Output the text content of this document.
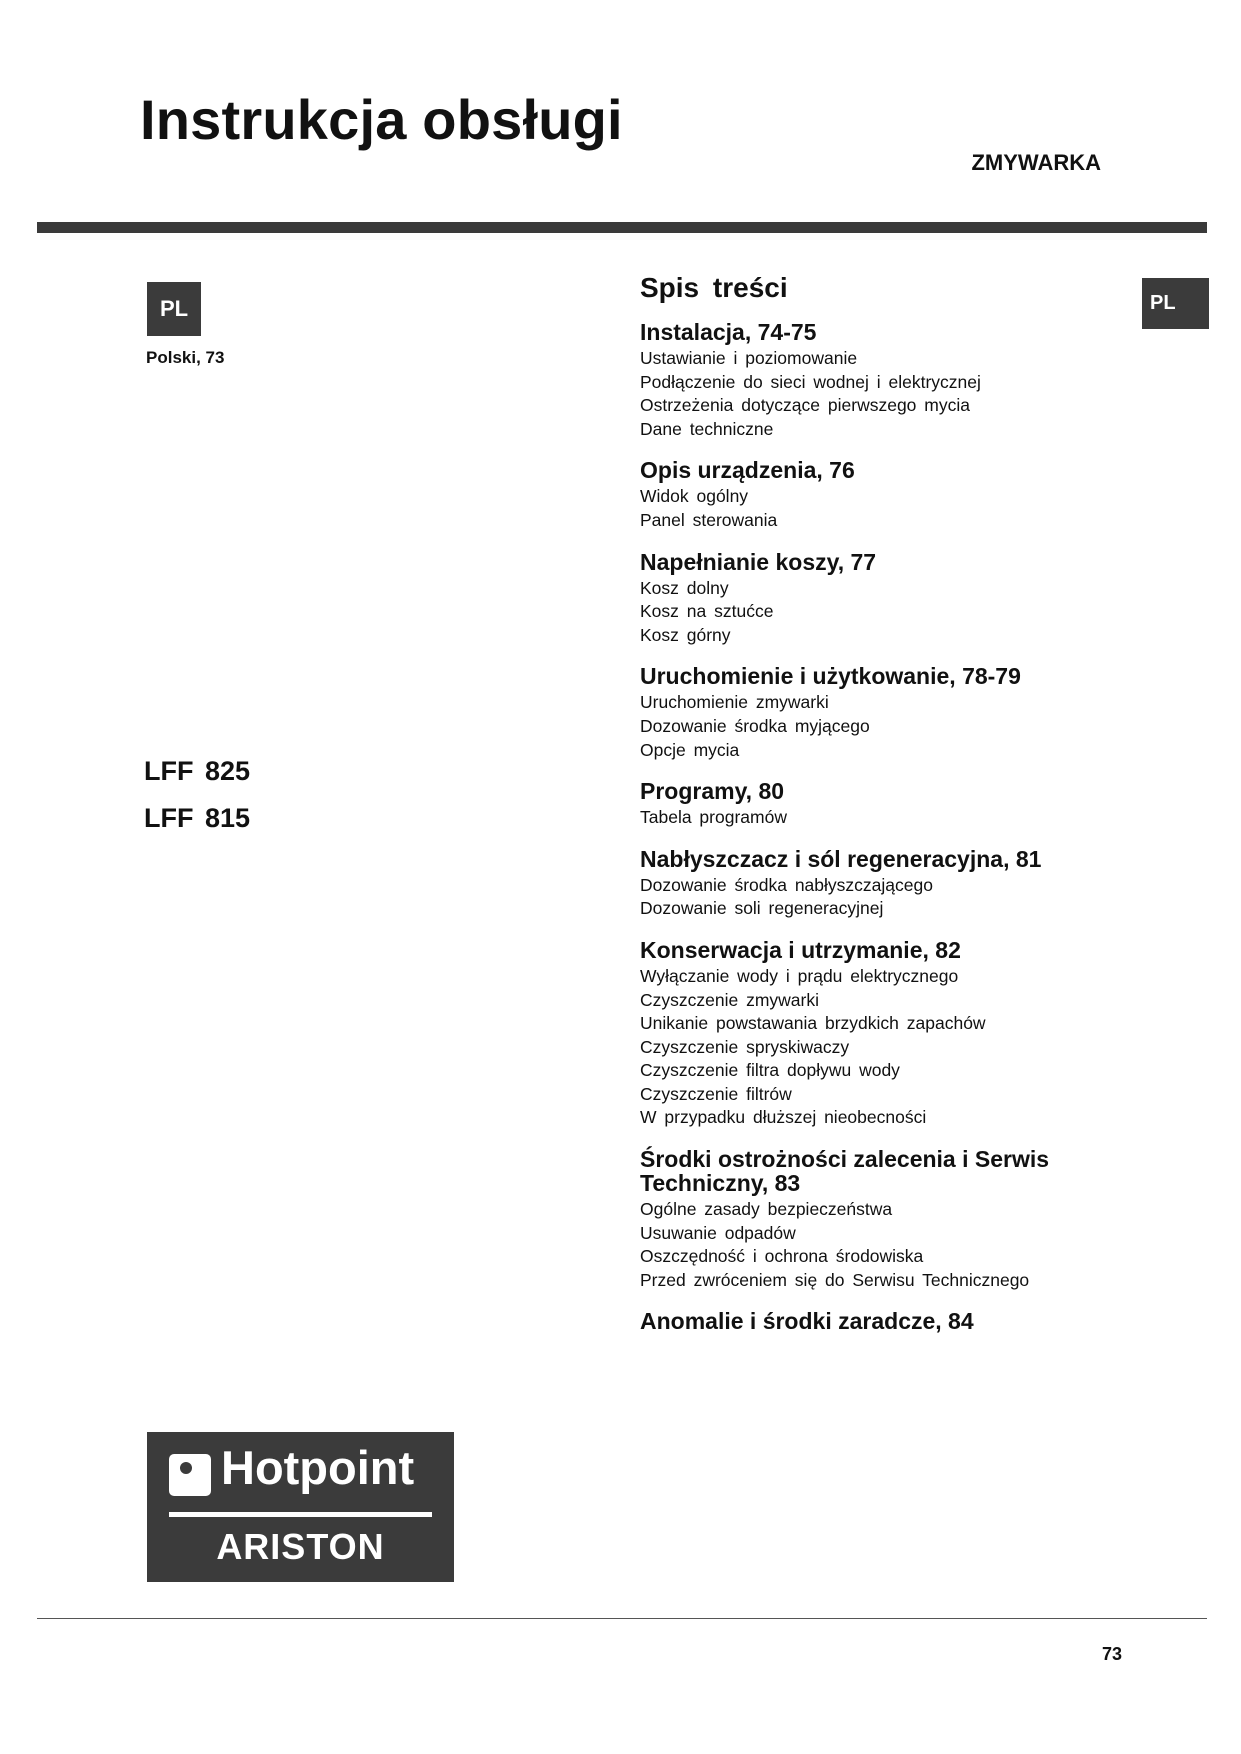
Instrukcja obsługi
ZMYWARKA
PL
Polski, 73
PL
LFF 825
LFF 815
Spis treści
Instalacja, 74-75
Ustawianie i poziomowanie
Podłączenie do sieci wodnej i elektrycznej
Ostrzeżenia dotyczące pierwszego mycia
Dane techniczne
Opis urządzenia, 76
Widok ogólny
Panel sterowania
Napełnianie koszy, 77
Kosz dolny
Kosz na sztućce
Kosz górny
Uruchomienie i użytkowanie, 78-79
Uruchomienie zmywarki
Dozowanie środka myjącego
Opcje mycia
Programy, 80
Tabela programów
Nabłyszczacz i sól regeneracyjna, 81
Dozowanie środka nabłyszczającego
Dozowanie soli regeneracyjnej
Konserwacja i utrzymanie, 82
Wyłączanie wody i prądu elektrycznego
Czyszczenie zmywarki
Unikanie powstawania brzydkich zapachów
Czyszczenie spryskiwaczy
Czyszczenie filtra dopływu wody
Czyszczenie filtrów
W przypadku dłuższej nieobecności
Środki ostrożności zalecenia i Serwis Techniczny, 83
Ogólne zasady bezpieczeństwa
Usuwanie odpadów
Oszczędność i ochrona środowiska
Przed zwróceniem się do Serwisu Technicznego
Anomalie i środki zaradcze, 84
Hotpoint
ARISTON
73
